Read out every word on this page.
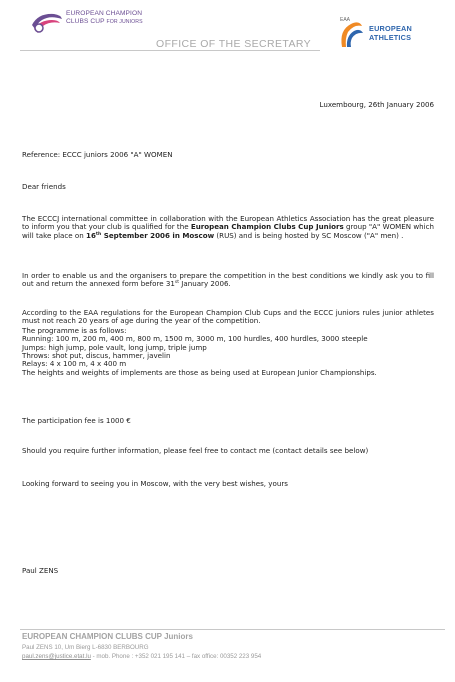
EUROPEAN CHAMPION
CLUBS CUP FOR JUNIORS
OFFICE OF THE SECRETARY
EAA
EUROPEAN
ATHLETICS
Luxembourg, 26th January 2006
Reference: ECCC juniors 2006 "A" WOMEN
Dear friends
The ECCCJ international committee in collaboration with the European Athletics Association has the great pleasure to inform you that your club is qualified for the European Champion Clubs Cup Juniors group "A" WOMEN which will take place on 16th September 2006 in Moscow (RUS) and is being hosted by SC Moscow ("A" men) .
In order to enable us and the organisers to prepare the competition in the best conditions we kindly ask you to fill out and return the annexed form before 31st January 2006.
According to the EAA regulations for the European Champion Club Cups and the ECCC juniors rules junior athletes must not reach 20 years of age during the year of the competition.
The programme is as follows:
Running: 100 m, 200 m, 400 m, 800 m, 1500 m, 3000 m, 100 hurdles, 400 hurdles, 3000 steeple
Jumps: high jump, pole vault, long jump, triple jump
Throws: shot put, discus, hammer, javelin
Relays: 4 x 100 m, 4 x 400 m
The heights and weights of implements are those as being used at European Junior Championships.
The participation fee is 1000 €
Should you require further information, please feel free to contact me (contact details see below)
Looking forward to seeing you in Moscow, with the very best wishes, yours
Paul ZENS
EUROPEAN CHAMPION CLUBS CUP Juniors
Paul ZENS 10, Um Bierg L-6830 BERBOURG
paul.zens@justice.etat.lu - mob. Phone : +352 021 195 141 – fax office: 00352 223 954
